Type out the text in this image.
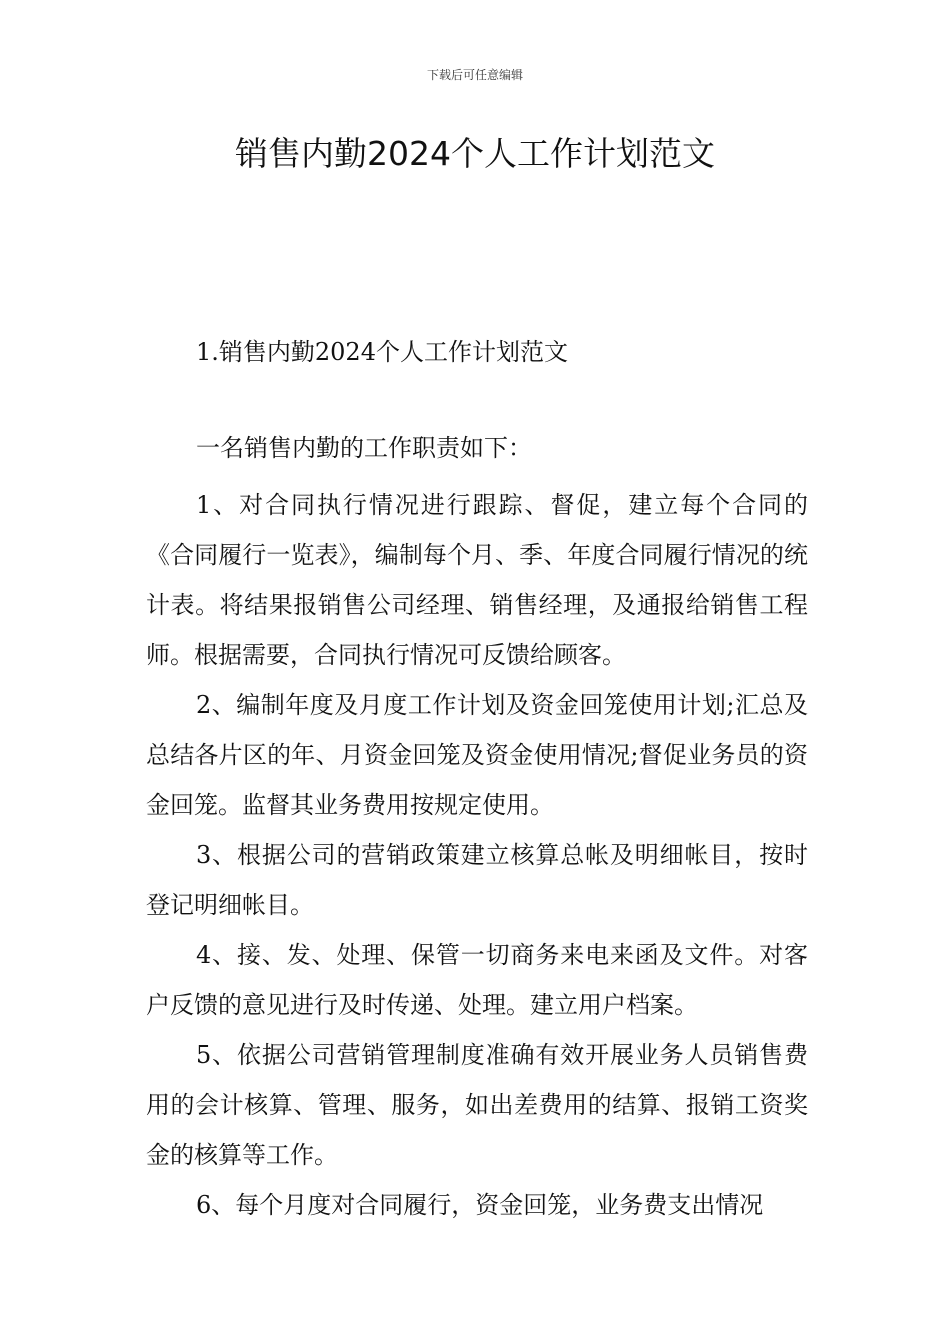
下载后可任意编辑
销售内勤2024个人工作计划范文
1.销售内勤2024个人工作计划范文
一名销售内勤的工作职责如下：

1、对合同执行情况进行跟踪、督促，建立每个合同的《合同履行一览表》，编制每个月、季、年度合同履行情况的统计表。将结果报销售公司经理、销售经理，及通报给销售工程师。根据需要，合同执行情况可反馈给顾客。

2、编制年度及月度工作计划及资金回笼使用计划;汇总及总结各片区的年、月资金回笼及资金使用情况;督促业务员的资金回笼。监督其业务费用按规定使用。

3、根据公司的营销政策建立核算总帐及明细帐目，按时登记明细帐目。

4、接、发、处理、保管一切商务来电来函及文件。对客户反馈的意见进行及时传递、处理。建立用户档案。

5、依据公司营销管理制度准确有效开展业务人员销售费用的会计核算、管理、服务，如出差费用的结算、报销工资奖金的核算等工作。

6、每个月度对合同履行，资金回笼，业务费支出情况
